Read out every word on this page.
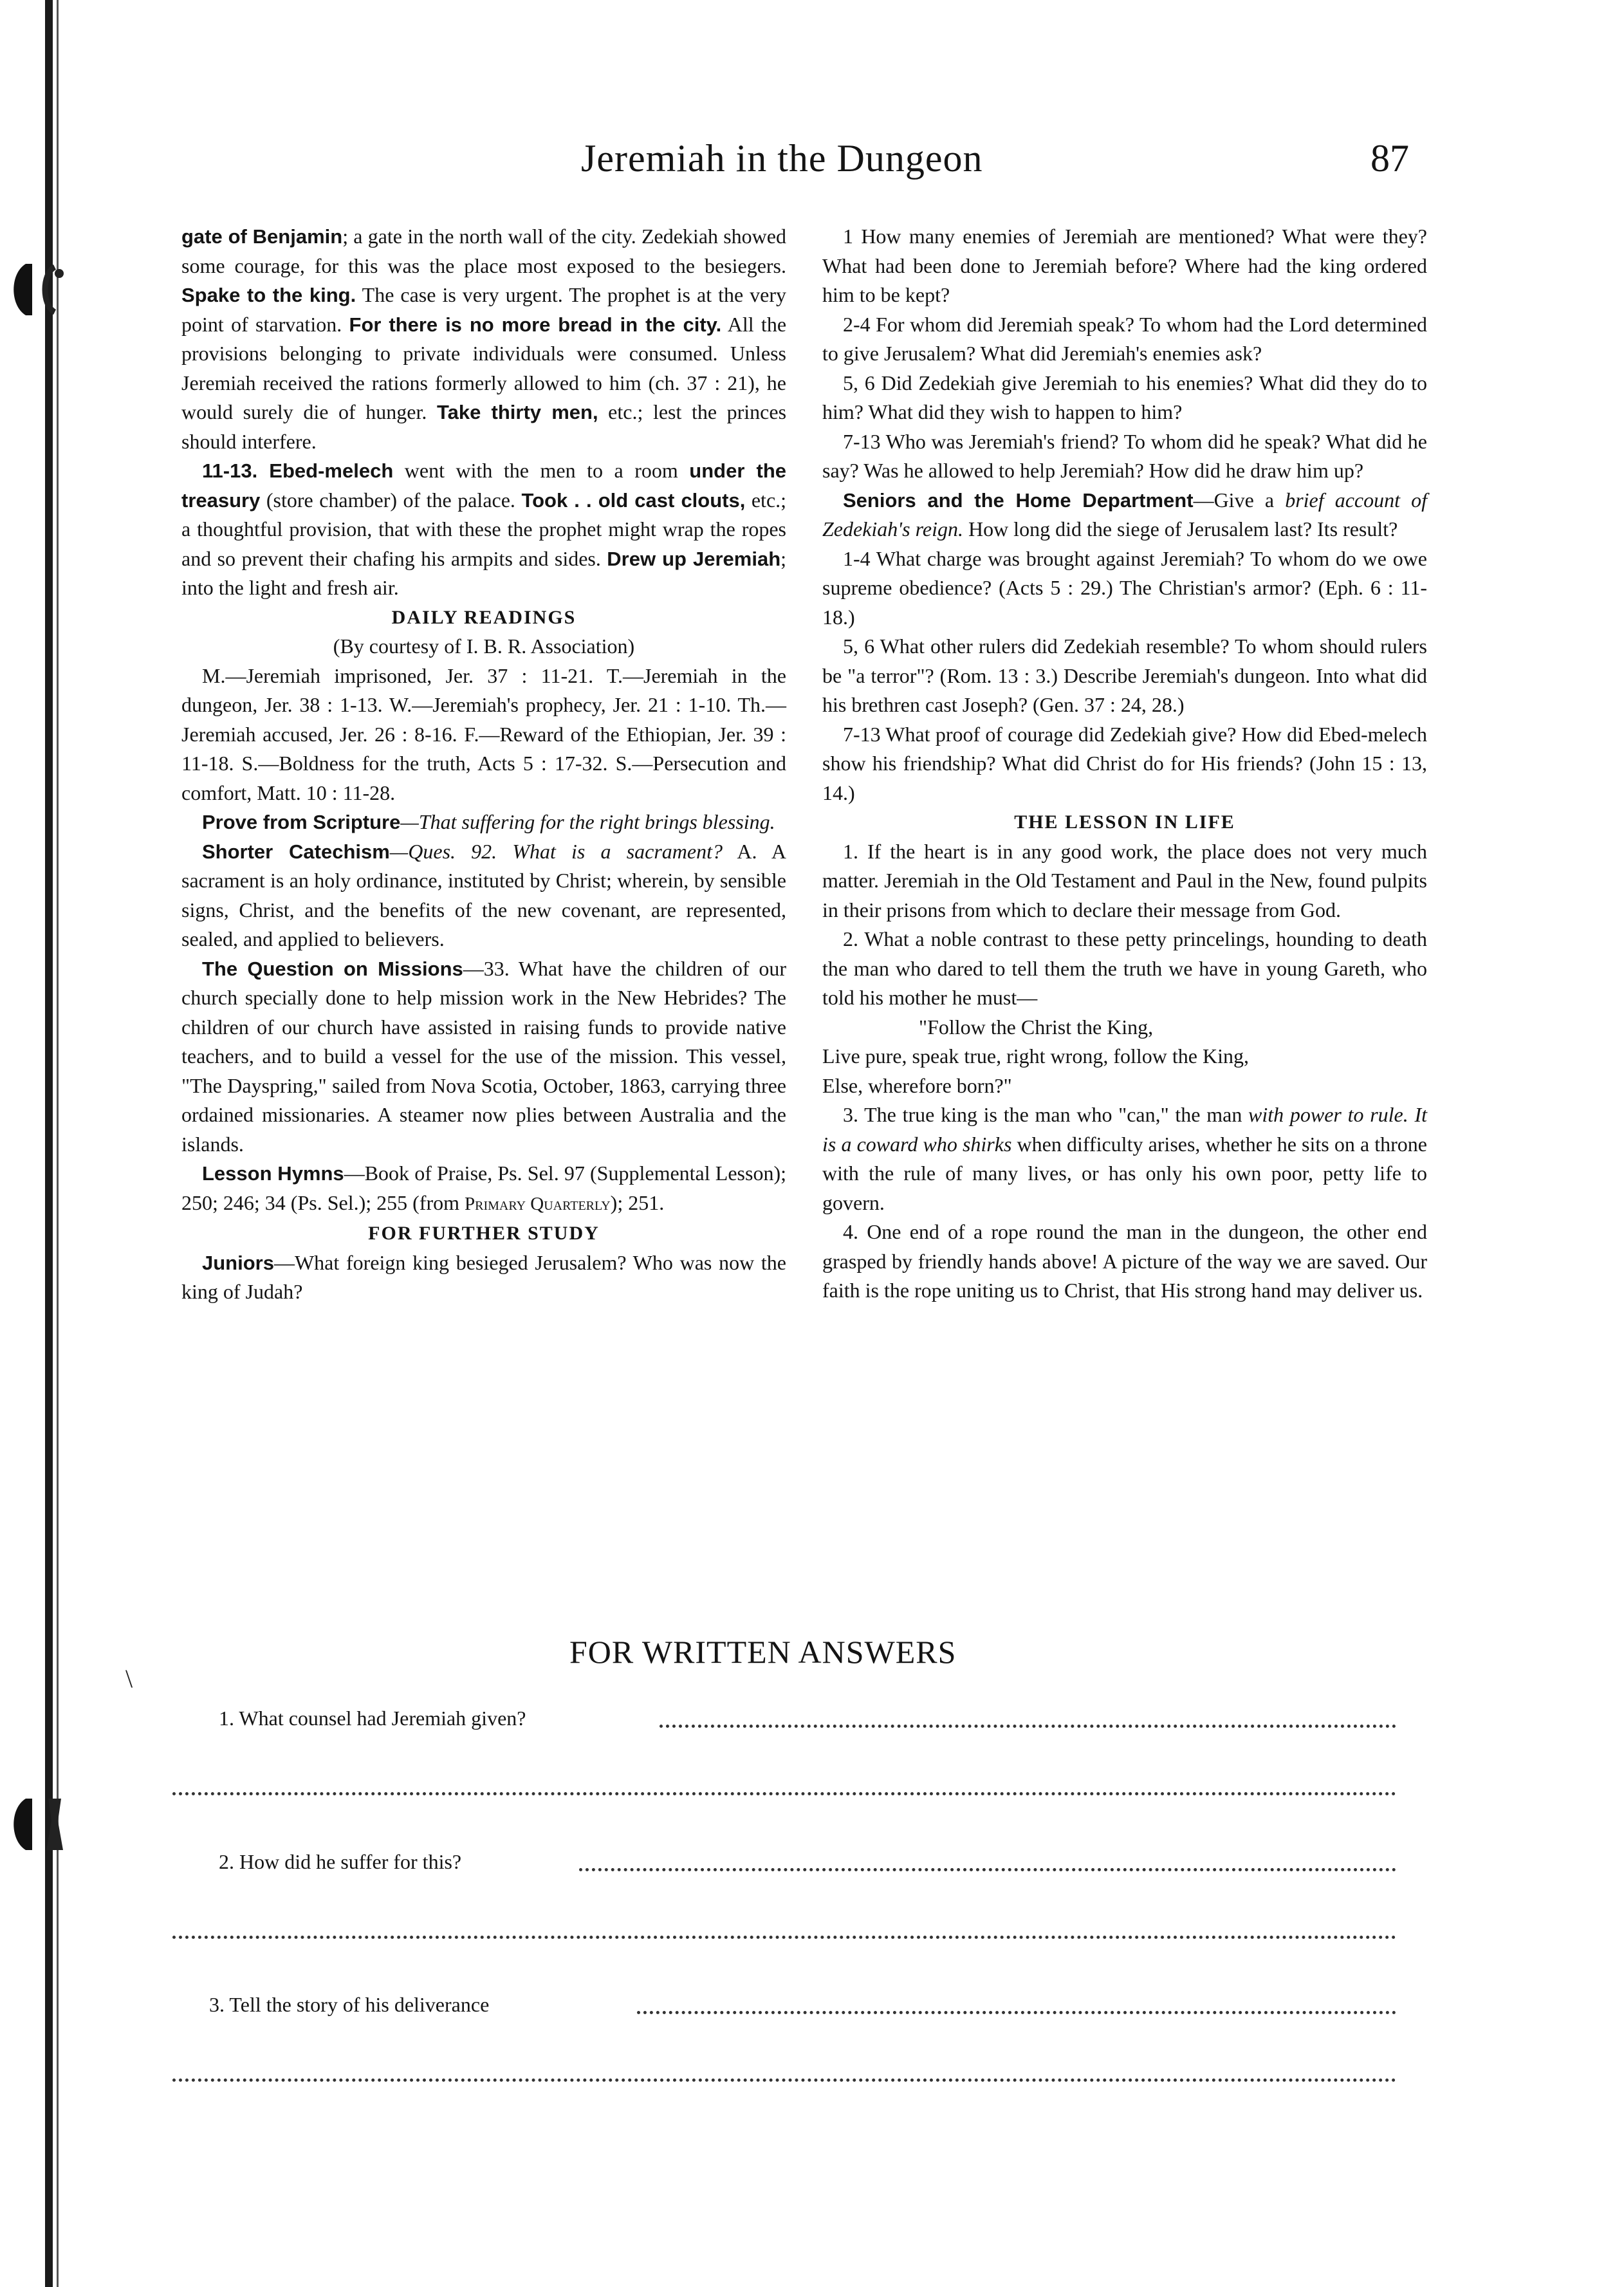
Jeremiah in the Dungeon	87

gate of Benjamin; a gate in the north wall of the city. Zedekiah showed some courage, for this was the place most exposed to the besiegers. Spake to the king. The case is very urgent. The prophet is at the very point of starvation. For there is no more bread in the city. All the provisions belonging to private individuals were consumed. Unless Jeremiah received the rations formerly allowed to him (ch. 37 : 21), he would surely die of hunger. Take thirty men, etc.; lest the princes should interfere.

11-13. Ebed-melech went with the men to a room under the treasury (store chamber) of the palace. Took . . old cast clouts, etc.; a thoughtful provision, that with these the prophet might wrap the ropes and so prevent their chafing his armpits and sides. Drew up Jeremiah; into the light and fresh air.

DAILY READINGS

(By courtesy of I. B. R. Association)

M.—Jeremiah imprisoned, Jer. 37 : 11-21. T.—Jeremiah in the dungeon, Jer. 38 : 1-13. W.—Jeremiah's prophecy, Jer. 21 : 1-10. Th.—Jeremiah accused, Jer. 26 : 8-16. F.—Reward of the Ethiopian, Jer. 39 : 11-18. S.—Boldness for the truth, Acts 5 : 17-32. S.—Persecution and comfort, Matt. 10 : 11-28.

Prove from Scripture—That suffering for the right brings blessing.

Shorter Catechism—Ques. 92. What is a sacrament? A. A sacrament is an holy ordinance, instituted by Christ; wherein, by sensible signs, Christ, and the benefits of the new covenant, are represented, sealed, and applied to believers.

The Question on Missions—33. What have the children of our church specially done to help mission work in the New Hebrides? The children of our church have assisted in raising funds to provide native teachers, and to build a vessel for the use of the mission. This vessel, "The Dayspring," sailed from Nova Scotia, October, 1863, carrying three ordained missionaries. A steamer now plies between Australia and the islands.

Lesson Hymns—Book of Praise, Ps. Sel. 97 (Supplemental Lesson); 250; 246; 34 (Ps. Sel.); 255 (from Primary Quarterly); 251.

FOR FURTHER STUDY

Juniors—What foreign king besieged Jerusalem? Who was now the king of Judah?

1 How many enemies of Jeremiah are mentioned? What were they? What had been done to Jeremiah before? Where had the king ordered him to be kept?

2-4 For whom did Jeremiah speak? To whom had the Lord determined to give Jerusalem? What did Jeremiah's enemies ask?

5, 6 Did Zedekiah give Jeremiah to his enemies? What did they do to him? What did they wish to happen to him?

7-13 Who was Jeremiah's friend? To whom did he speak? What did he say? Was he allowed to help Jeremiah? How did he draw him up?

Seniors and the Home Department—Give a brief account of Zedekiah's reign. How long did the siege of Jerusalem last? Its result?

1-4 What charge was brought against Jeremiah? To whom do we owe supreme obedience? (Acts 5 : 29.) The Christian's armor? (Eph. 6 : 11-18.)

5, 6 What other rulers did Zedekiah resemble? To whom should rulers be "a terror"? (Rom. 13 : 3.) Describe Jeremiah's dungeon. Into what did his brethren cast Joseph? (Gen. 37 : 24, 28.)

7-13 What proof of courage did Zedekiah give? How did Ebed-melech show his friendship? What did Christ do for His friends? (John 15 : 13, 14.)

THE LESSON IN LIFE

1. If the heart is in any good work, the place does not very much matter. Jeremiah in the Old Testament and Paul in the New, found pulpits in their prisons from which to declare their message from God.

2. What a noble contrast to these petty princelings, hounding to death the man who dared to tell them the truth we have in young Gareth, who told his mother he must—

"Follow the Christ the King,

Live pure, speak true, right wrong, follow the King,

Else, wherefore born?"

3. The true king is the man who "can," the man with power to rule. It is a coward who shirks when difficulty arises, whether he sits on a throne with the rule of many lives, or has only his own poor, petty life to govern.

4. One end of a rope round the man in the dungeon, the other end grasped by friendly hands above! A picture of the way we are saved. Our faith is the rope uniting us to Christ, that His strong hand may deliver us.

FOR WRITTEN ANSWERS
1. What counsel had Jeremiah given?
2. How did he suffer for this?
3. Tell the story of his deliverance
\
